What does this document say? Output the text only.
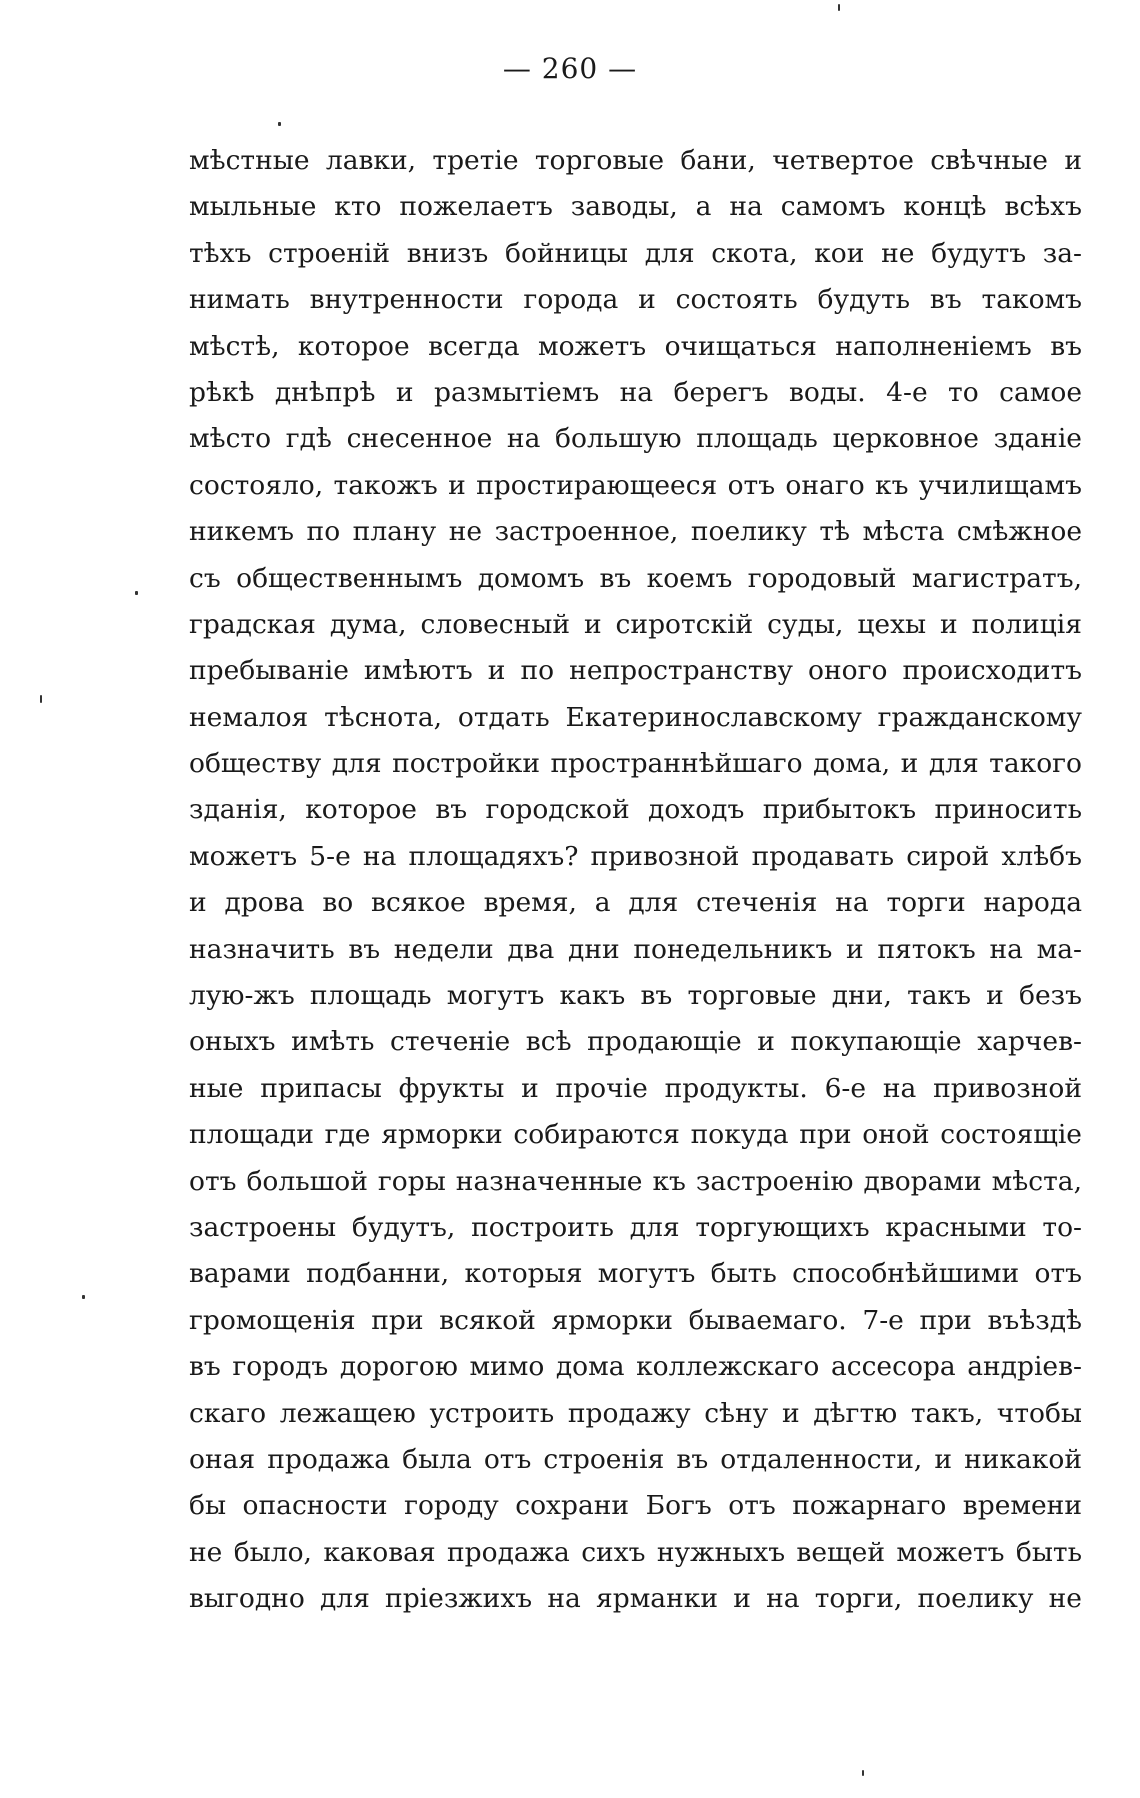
— 260 —
мѣстные лавки, третіе торговые бани, четвертое свѣчные и
мыльные кто пожелаетъ заводы, а на самомъ концѣ всѣхъ
тѣхъ строеній внизъ бойницы для скота, кои не будутъ за-
нимать внутренности города и состоять будуть въ такомъ
мѣстѣ, которое всегда можетъ очищаться наполненіемъ въ
рѣкѣ днѣпрѣ и размытіемъ на берегъ воды. 4-е то самое
мѣсто гдѣ снесенное на большую площадь церковное зданіе
состояло, такожъ и простирающееся отъ онаго къ училищамъ
никемъ по плану не застроенное, поелику тѣ мѣста смѣжное
съ общественнымъ домомъ въ коемъ городовый магистратъ,
градская дума, словесный и сиротскій суды, цехы и полиція
пребываніе имѣютъ и по непространству оного происходитъ
немалоя тѣснота, отдать Екатеринославскому гражданскому
обществу для постройки пространнѣйшаго дома, и для такого
зданія, которое въ городской доходъ прибытокъ приносить
можетъ 5-е на площадяхъ? привозной продавать сирой хлѣбъ
и дрова во всякое время, а для стеченія на торги народа
назначить въ недели два дни понедельникъ и пятокъ на ма-
лую-жъ площадь могутъ какъ въ торговые дни, такъ и безъ
оныхъ имѣть стеченіе всѣ продающіе и покупающіе харчев-
ные припасы фрукты и прочіе продукты. 6-е на привозной
площади где ярморки собираются покуда при оной состоящіе
отъ большой горы назначенные къ застроенію дворами мѣста,
застроены будутъ, построить для торгующихъ красными то-
варами подбанни, которыя могутъ быть способнѣйшими отъ
громощенія при всякой ярморки бываемаго. 7-е при въѣздѣ
въ городъ дорогою мимо дома коллежскаго ассесора андріев-
скаго лежащею устроить продажу сѣну и дѣгтю такъ, чтобы
оная продажа была отъ строенія въ отдаленности, и никакой
бы опасности городу сохрани Богъ отъ пожарнаго времени
не было, каковая продажа сихъ нужныхъ вещей можетъ быть
выгодно для пріезжихъ на ярманки и на торги, поелику не
